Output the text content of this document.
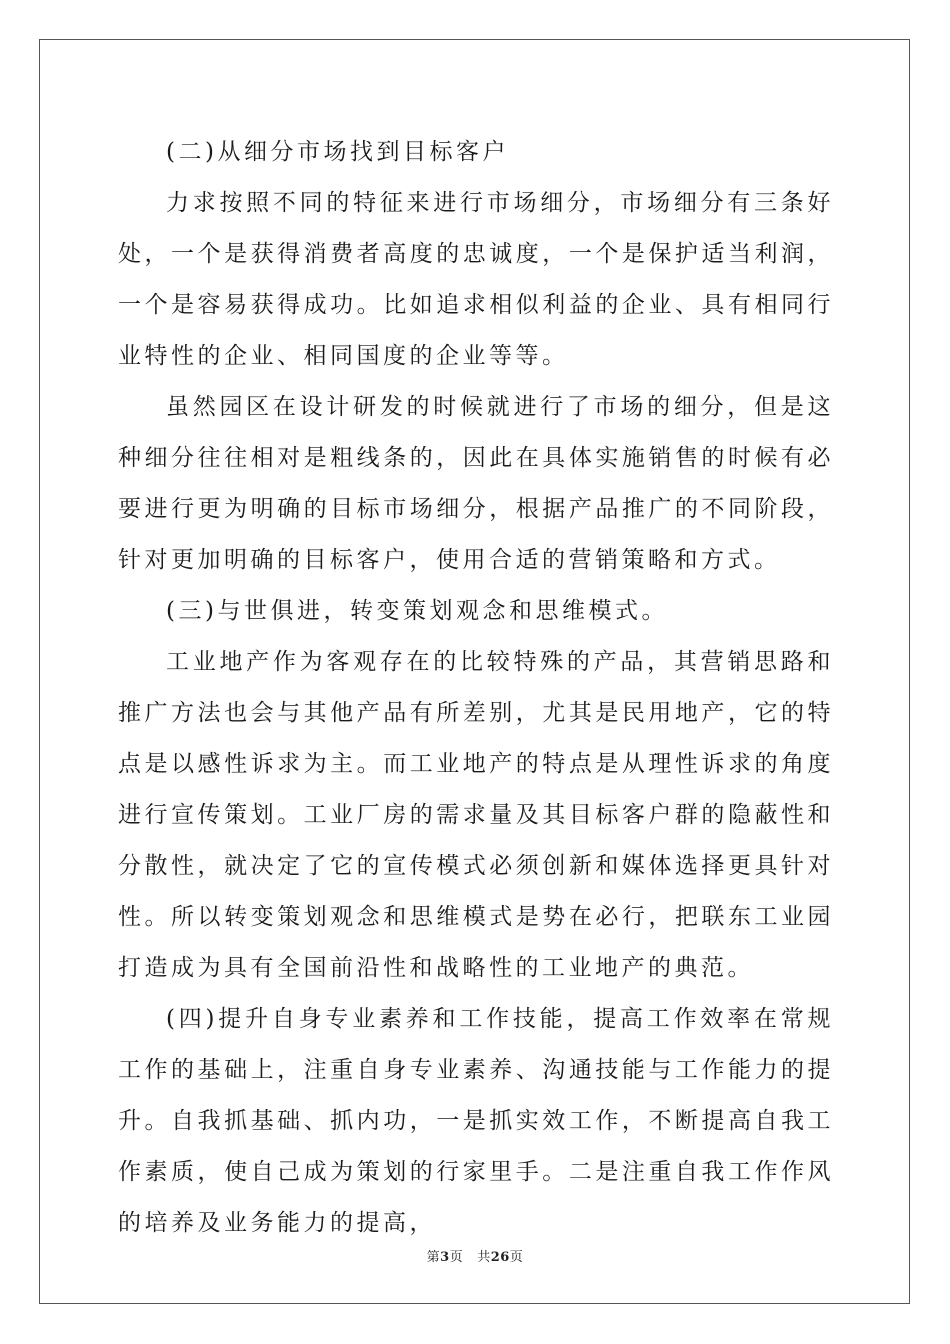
(二)从细分市场找到目标客户

力求按照不同的特征来进行市场细分，市场细分有三条好处，一个是获得消费者高度的忠诚度，一个是保护适当利润，一个是容易获得成功。比如追求相似利益的企业、具有相同行业特性的企业、相同国度的企业等等。

虽然园区在设计研发的时候就进行了市场的细分，但是这种细分往往相对是粗线条的，因此在具体实施销售的时候有必要进行更为明确的目标市场细分，根据产品推广的不同阶段，针对更加明确的目标客户，使用合适的营销策略和方式。

(三)与世俱进，转变策划观念和思维模式。

工业地产作为客观存在的比较特殊的产品，其营销思路和推广方法也会与其他产品有所差别，尤其是民用地产，它的特点是以感性诉求为主。而工业地产的特点是从理性诉求的角度进行宣传策划。工业厂房的需求量及其目标客户群的隐蔽性和分散性，就决定了它的宣传模式必须创新和媒体选择更具针对性。所以转变策划观念和思维模式是势在必行，把联东工业园打造成为具有全国前沿性和战略性的工业地产的典范。

(四)提升自身专业素养和工作技能，提高工作效率在常规工作的基础上，注重自身专业素养、沟通技能与工作能力的提升。自我抓基础、抓内功，一是抓实效工作，不断提高自我工作素质，使自己成为策划的行家里手。二是注重自我工作作风的培养及业务能力的提高，

第3页 共26页
